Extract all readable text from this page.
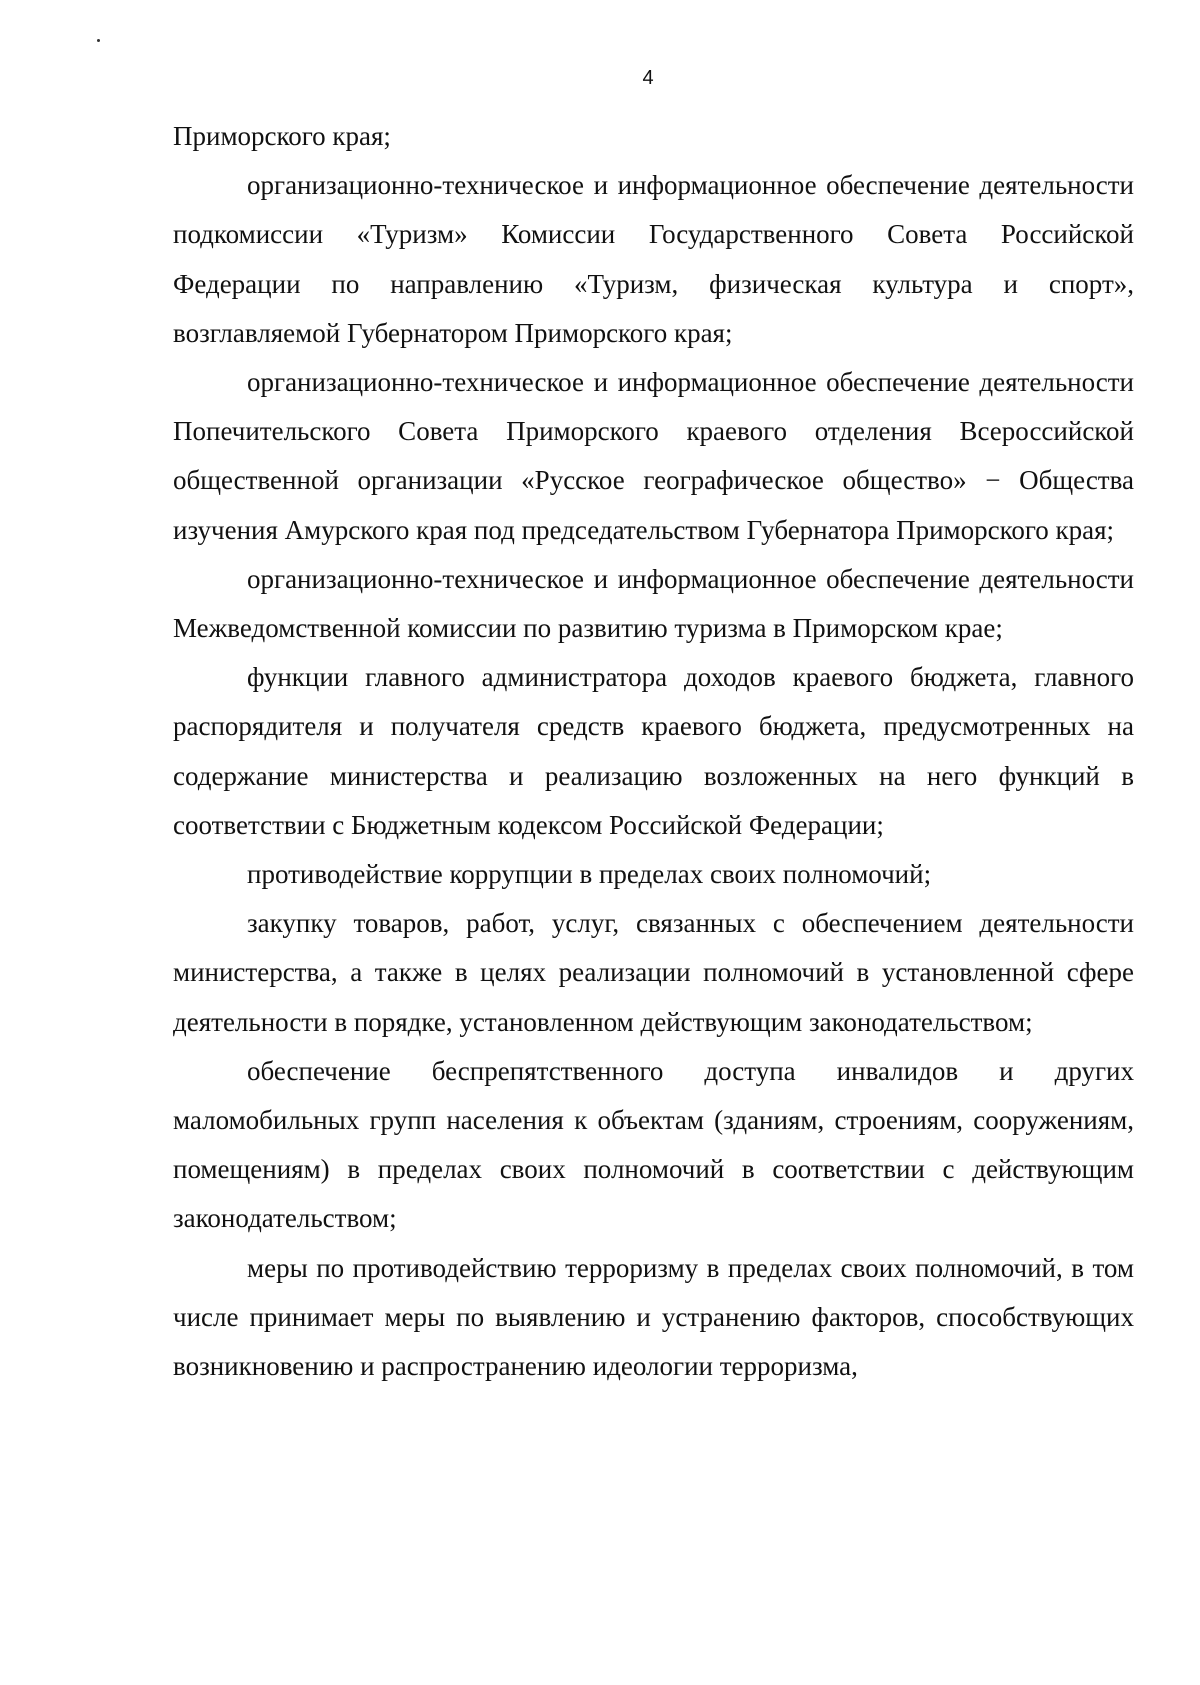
4

Приморского края;

организационно-техническое и информационное обеспечение деятельности подкомиссии «Туризм» Комиссии Государственного Совета Российской Федерации по направлению «Туризм, физическая культура и спорт», возглавляемой Губернатором Приморского края;

организационно-техническое и информационное обеспечение деятельности Попечительского Совета Приморского краевого отделения Всероссийской общественной организации «Русское географическое общество» − Общества изучения Амурского края под председательством Губернатора Приморского края;

организационно-техническое и информационное обеспечение деятельности Межведомственной комиссии по развитию туризма в Приморском крае;

функции главного администратора доходов краевого бюджета, главного распорядителя и получателя средств краевого бюджета, предусмотренных на содержание министерства и реализацию возложенных на него функций в соответствии с Бюджетным кодексом Российской Федерации;

противодействие коррупции в пределах своих полномочий;

закупку товаров, работ, услуг, связанных с обеспечением деятельности министерства, а также в целях реализации полномочий в установленной сфере деятельности в порядке, установленном действующим законодательством;

обеспечение беспрепятственного доступа инвалидов и других маломобильных групп населения к объектам (зданиям, строениям, сооружениям, помещениям) в пределах своих полномочий в соответствии с действующим законодательством;

меры по противодействию терроризму в пределах своих полномочий, в том числе принимает меры по выявлению и устранению факторов, способствующих возникновению и распространению идеологии терроризма,
